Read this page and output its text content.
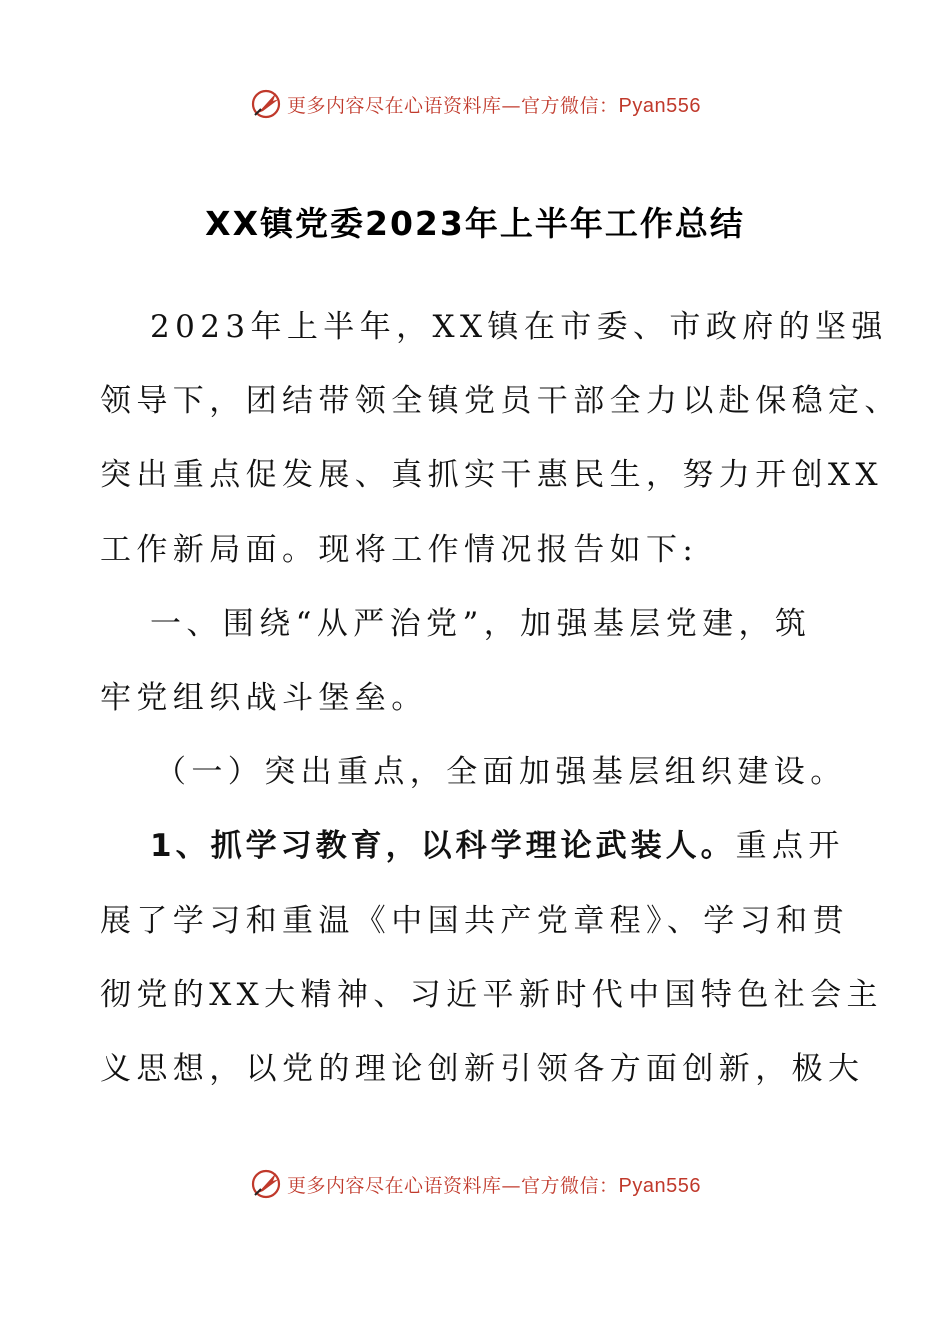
更多内容尽在心语资料库—官方微信：Pyan556
XX镇党委2023年上半年工作总结
2023年上半年，XX镇在市委、市政府的坚强
领导下，团结带领全镇党员干部全力以赴保稳定、
突出重点促发展、真抓实干惠民生，努力开创XX
工作新局面。现将工作情况报告如下:
一、围绕“从严治党”，加强基层党建，筑
牢党组织战斗堡垒。
（一）突出重点，全面加强基层组织建设。
1、抓学习教育，以科学理论武装人。重点开
展了学习和重温《中国共产党章程》、学习和贯
彻党的XX大精神、习近平新时代中国特色社会主
义思想，以党的理论创新引领各方面创新，极大
更多内容尽在心语资料库—官方微信：Pyan556
